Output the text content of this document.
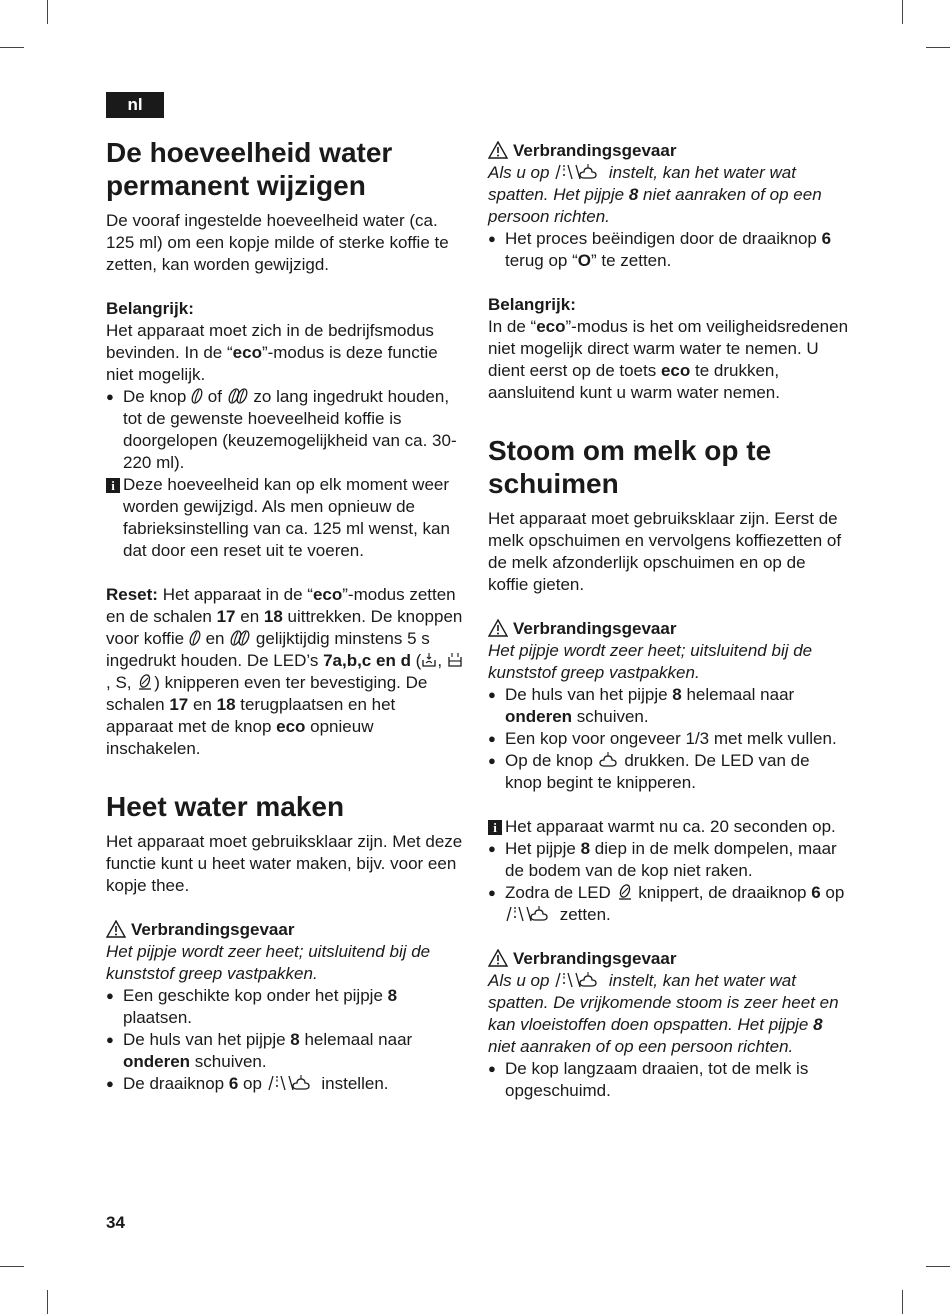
nl
De hoeveelheid water permanent wijzigen

De vooraf ingestelde hoeveelheid water (ca. 125 ml) om een kopje milde of sterke koffie te zetten, kan worden gewijzigd.

Belangrijk:

Het apparaat moet zich in de bedrijfsmodus bevinden. In de “eco”-modus is deze functie niet mogelijk.

● De knop  of  zo lang ingedrukt houden, tot de gewenste hoeveelheid koffie is doorgelopen (keuzemogelijkheid van ca. 30-220 ml).

i Deze hoeveelheid kan op elk moment weer worden gewijzigd. Als men opnieuw de fabrieksinstelling van ca. 125 ml wenst, kan dat door een reset uit te voeren.

Reset: Het apparaat in de “eco”-modus zetten en de schalen 17 en 18 uittrekken. De knoppen voor koffie  en  gelijktijdig minstens 5 s ingedrukt houden. De LED’s 7a,b,c en d ( , , S, ) knipperen even ter bevestiging. De schalen 17 en 18 terugplaatsen en het apparaat met de knop eco opnieuw inschakelen.

Heet water maken

Het apparaat moet gebruiksklaar zijn. Met deze functie kunt u heet water maken, bijv. voor een kopje thee.

Verbrandingsgevaar

Het pijpje wordt zeer heet; uitsluitend bij de kunststof greep vastpakken.

● Een geschikte kop onder het pijpje 8 plaatsen.

● De huls van het pijpje 8 helemaal naar onderen schuiven.

● De draaiknop 6 op	instellen.

Verbrandingsgevaar

Als u op	instelt, kan het water wat spatten. Het pijpje 8 niet aanraken of op een persoon richten.

● Het proces beëindigen door de draaiknop 6 terug op “O” te zetten.

Belangrijk:

In de “eco”-modus is het om veiligheidsredenen niet mogelijk direct warm water te nemen. U dient eerst op de toets eco te drukken, aansluitend kunt u warm water nemen.

Stoom om melk op te schuimen

Het apparaat moet gebruiksklaar zijn. Eerst de melk opschuimen en vervolgens koffiezetten of de melk afzonderlijk opschuimen en op de koffie gieten.

Verbrandingsgevaar

Het pijpje wordt zeer heet; uitsluitend bij de kunststof greep vastpakken.

● De huls van het pijpje 8 helemaal naar onderen schuiven.

● Een kop voor ongeveer 1/3 met melk vullen.

● Op de knop  drukken. De LED van de knop begint te knipperen.

i Het apparaat warmt nu ca. 20 seconden op.

● Het pijpje 8 diep in de melk dompelen, maar de bodem van de kop niet raken.

● Zodra de LED  knippert, de draaiknop 6 op  zetten.

Verbrandingsgevaar

Als u op	instelt, kan het water wat spatten. De vrijkomende stoom is zeer heet en kan vloeistoffen doen opspatten. Het pijpje 8 niet aanraken of op een persoon richten.

● De kop langzaam draaien, tot de melk is opgeschuimd.

34
